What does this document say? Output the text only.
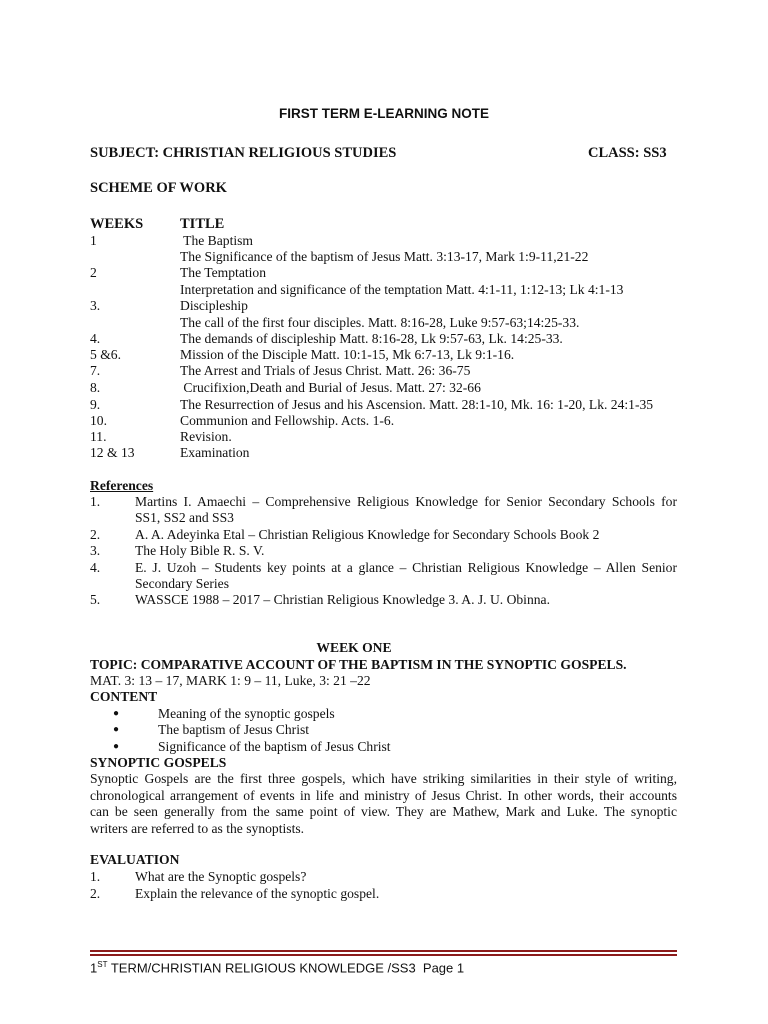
FIRST TERM E-LEARNING NOTE
SUBJECT: CHRISTIAN RELIGIOUS STUDIES	CLASS: SS3
SCHEME OF WORK
WEEKS	TITLE
1	The Baptism
The Significance of the baptism of Jesus Matt. 3:13-17, Mark 1:9-11,21-22
2	The Temptation
Interpretation and significance of the temptation Matt. 4:1-11, 1:12-13; Lk 4:1-13
3.	Discipleship
The call of the first four disciples. Matt. 8:16-28, Luke 9:57-63;14:25-33.
4.	The demands of discipleship Matt. 8:16-28, Lk 9:57-63, Lk. 14:25-33.
5 &6.	Mission of the Disciple Matt. 10:1-15, Mk 6:7-13, Lk 9:1-16.
7.	The Arrest and Trials of Jesus Christ. Matt. 26: 36-75
8.	Crucifixion,Death and Burial of Jesus. Matt. 27: 32-66
9.	The Resurrection of Jesus and his Ascension. Matt. 28:1-10, Mk. 16: 1-20, Lk. 24:1-35
10.	Communion and Fellowship. Acts. 1-6.
11.	Revision.
12 & 13	Examination
References
1.	Martins I. Amaechi – Comprehensive Religious Knowledge for Senior Secondary Schools for
SS1, SS2 and SS3
2.	A. A. Adeyinka Etal – Christian Religious Knowledge for Secondary Schools Book 2
3.	The Holy Bible R. S. V.
4.	E. J. Uzoh – Students key points at a glance – Christian Religious Knowledge – Allen Senior
Secondary Series
5.	WASSCE 1988 – 2017 – Christian Religious Knowledge 3. A. J. U. Obinna.
WEEK ONE
TOPIC: COMPARATIVE ACCOUNT OF THE BAPTISM IN THE SYNOPTIC GOSPELS.
MAT. 3: 13 – 17, MARK 1: 9 – 11, Luke, 3: 21 –22
CONTENT
●	Meaning of the synoptic gospels
●	The baptism of Jesus Christ
●	Significance of the baptism of Jesus Christ
SYNOPTIC GOSPELS
Synoptic Gospels are the first three gospels, which have striking similarities in their style of writing,
chronological arrangement of events in life and ministry of Jesus Christ. In other words, their accounts
can be seen generally from the same point of view. They are Mathew, Mark and Luke. The synoptic
writers are referred to as the synoptists.
EVALUATION
1.	What are the Synoptic gospels?
2.	Explain the relevance of the synoptic gospel.
1ST TERM/CHRISTIAN RELIGIOUS KNOWLEDGE /SS3  Page 1
